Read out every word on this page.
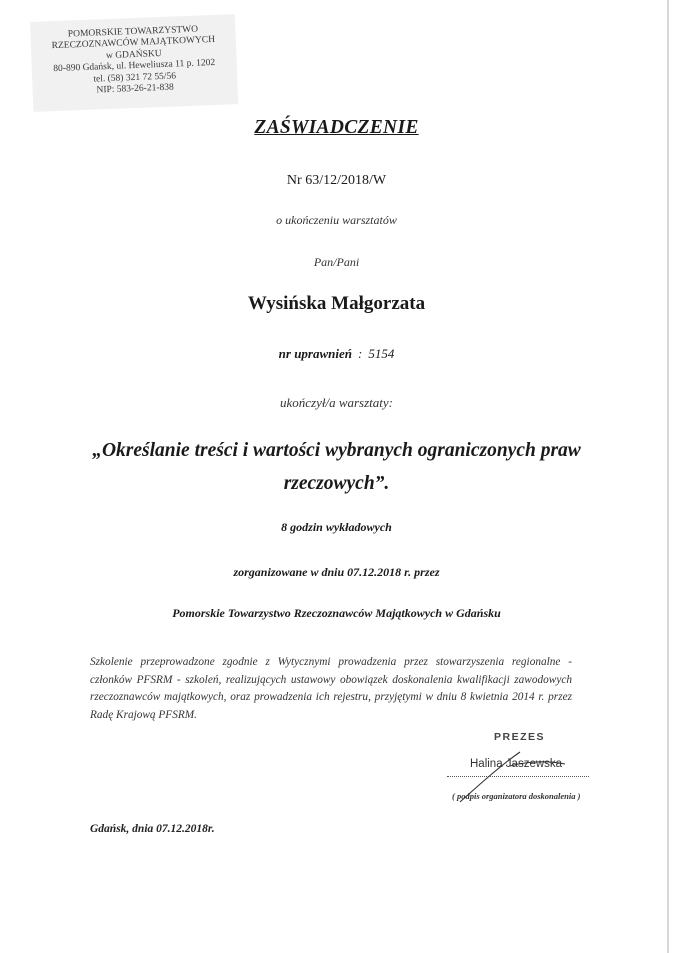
POMORSKIE TOWARZYSTWO
RZECZOZNAWCÓW MAJĄTKOWYCH
w GDAŃSKU
80-890 Gdańsk, ul. Heweliusza 11 p. 1202
tel. (58) 321 72 55/56
NIP: 583-26-21-838
ZAŚWIADCZENIE
Nr 63/12/2018/W
o ukończeniu warsztatów
Pan/Pani
Wysińska Małgorzata
nr uprawnień : 5154
ukończył/a warsztaty:
„Określanie treści i wartości wybranych ograniczonych praw
rzeczowych”.
8 godzin wykładowych
zorganizowane w dniu 07.12.2018 r. przez
Pomorskie Towarzystwo Rzeczoznawców Majątkowych w Gdańsku
Szkolenie przeprowadzone zgodnie z Wytycznymi prowadzenia przez stowarzyszenia regionalne - członków PFSRM - szkoleń, realizujących ustawowy obowiązek doskonalenia kwalifikacji zawodowych rzeczoznawców majątkowych, oraz prowadzenia ich rejestru, przyjętymi w dniu 8 kwietnia 2014 r. przez Radę Krajową PFSRM.
PREZES
Halina Jaszewska
( podpis organizatora doskonalenia )
Gdańsk, dnia 07.12.2018r.
